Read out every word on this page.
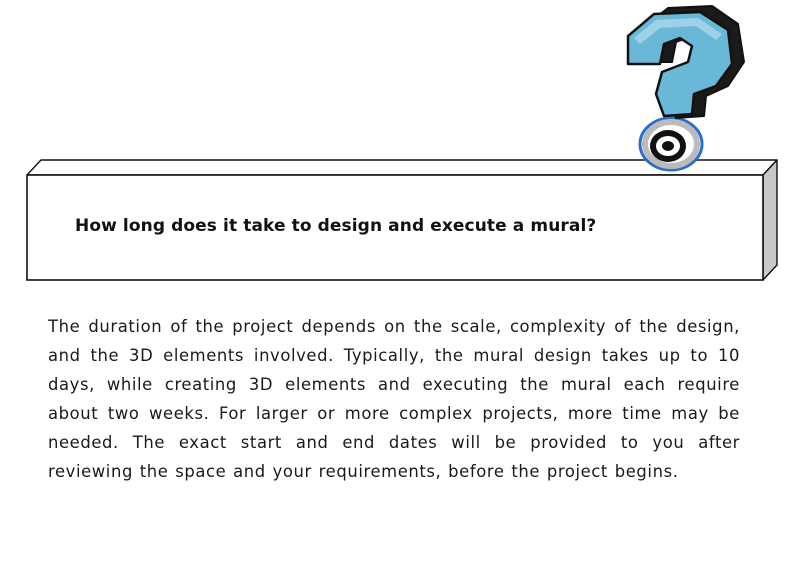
How long does it take to design and execute a mural?

The duration of the project depends on the scale, complexity of the design, and the 3D elements involved. Typically, the mural design takes up to 10 days, while creating 3D elements and executing the mural each require about two weeks. For larger or more complex projects, more time may be needed. The exact start and end dates will be provided to you after reviewing the space and your requirements, before the project begins.
